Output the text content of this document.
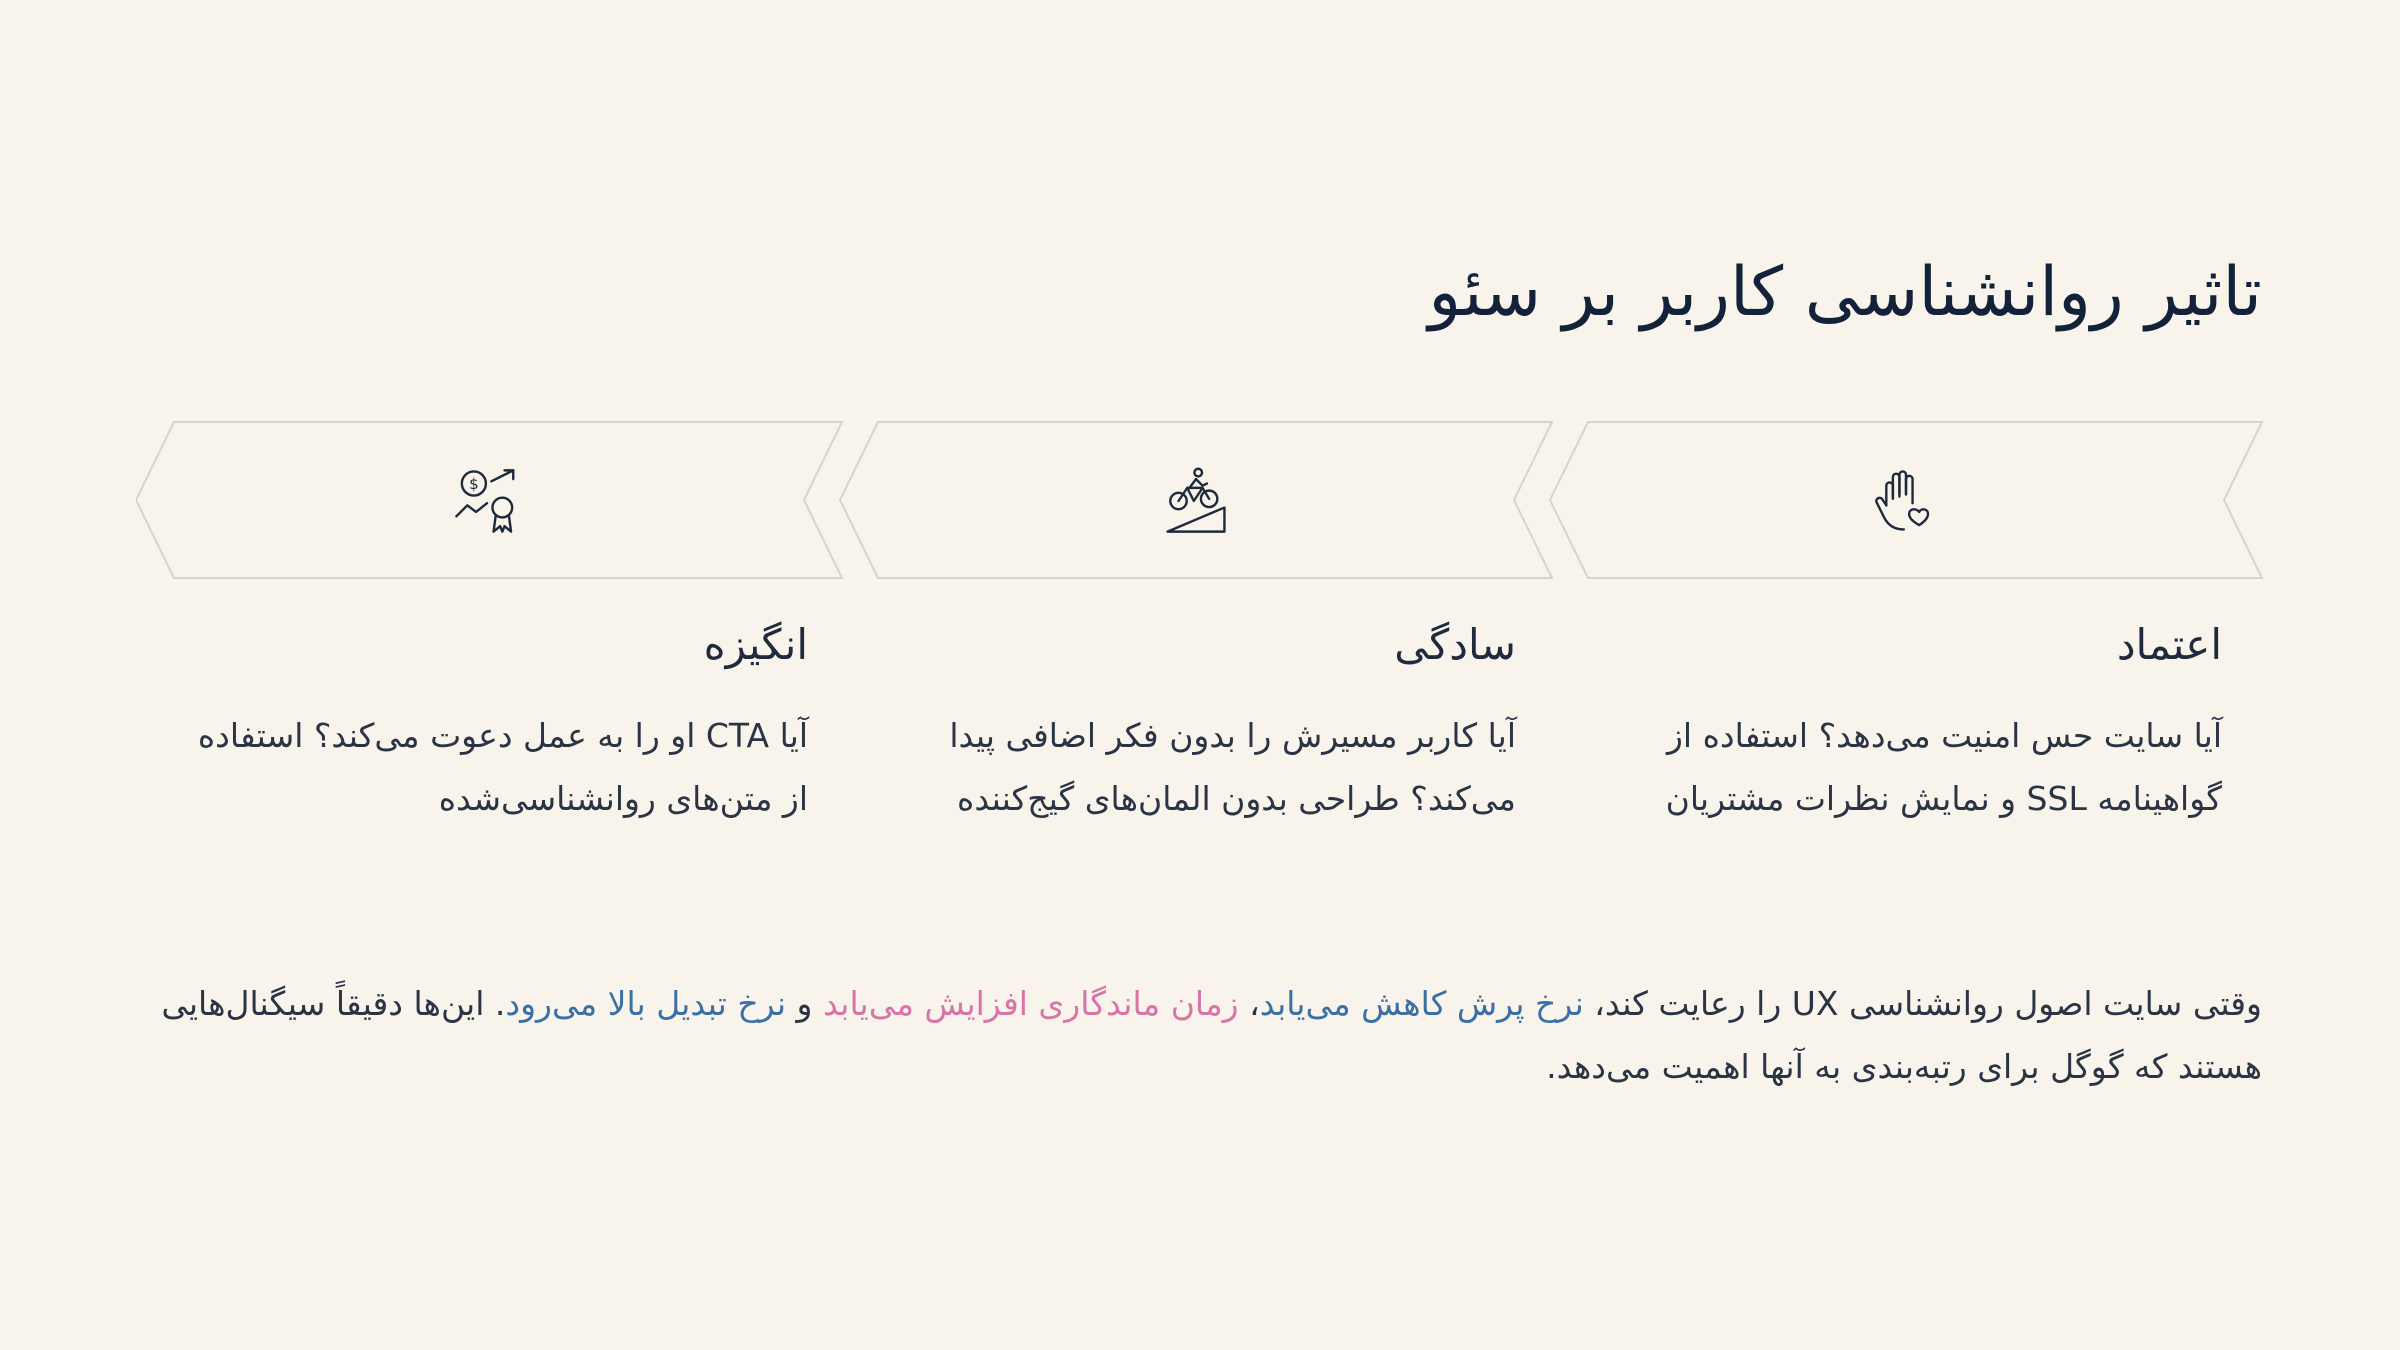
تاثیر روانشناسی کاربر بر سئو
$
اعتماد

آیا سایت حس امنیت می‌دهد؟ استفاده از گواهینامه SSL و نمایش نظرات مشتریان

سادگی

آیا کاربر مسیرش را بدون فکر اضافی پیدا می‌کند؟ طراحی بدون المان‌های گیج‌کننده

انگیزه

آیا CTA او را به عمل دعوت می‌کند؟ استفاده از متن‌های روانشناسی‌شده

وقتی سایت اصول روانشناسی UX را رعایت کند، نرخ پرش کاهش می‌یابد، زمان ماندگاری افزایش می‌یابد و نرخ تبدیل بالا می‌رود. این‌ها دقیقاً سیگنال‌هایی هستند که گوگل برای رتبه‌بندی به آنها اهمیت می‌دهد.
